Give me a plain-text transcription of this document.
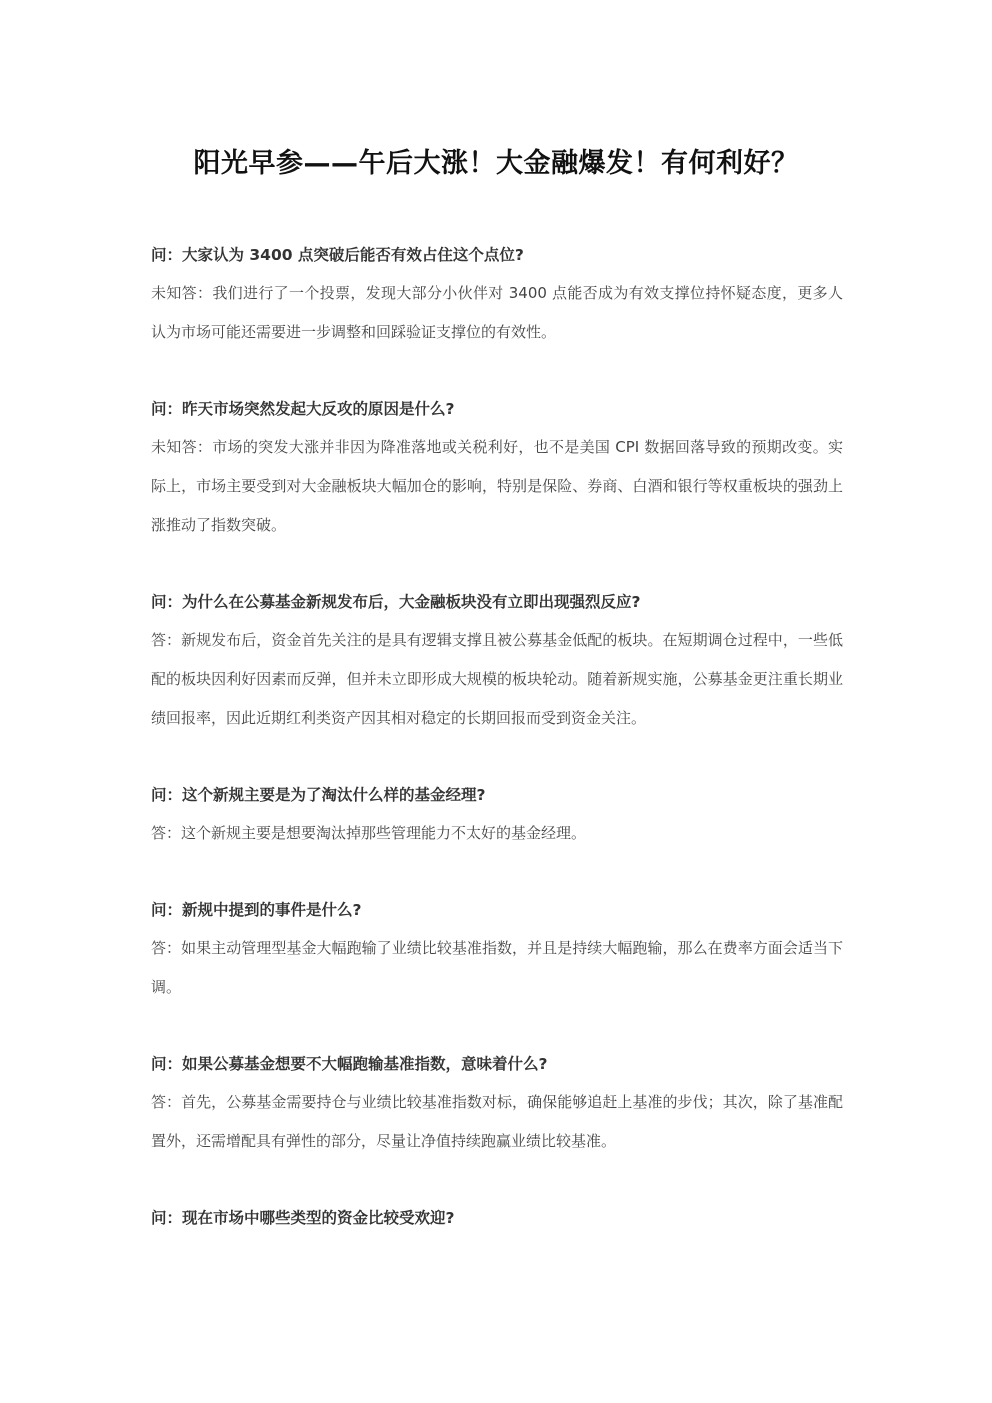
阳光早参——午后大涨！大金融爆发！有何利好？
问：大家认为 3400 点突破后能否有效占住这个点位?
未知答：我们进行了一个投票，发现大部分小伙伴对 3400 点能否成为有效支撑位持怀疑态度，更多人认为市场可能还需要进一步调整和回踩验证支撑位的有效性。
问：昨天市场突然发起大反攻的原因是什么?
未知答：市场的突发大涨并非因为降准落地或关税利好，也不是美国 CPI 数据回落导致的预期改变。实际上，市场主要受到对大金融板块大幅加仓的影响，特别是保险、券商、白酒和银行等权重板块的强劲上涨推动了指数突破。
问：为什么在公募基金新规发布后，大金融板块没有立即出现强烈反应?
答：新规发布后，资金首先关注的是具有逻辑支撑且被公募基金低配的板块。在短期调仓过程中，一些低配的板块因利好因素而反弹，但并未立即形成大规模的板块轮动。随着新规实施，公募基金更注重长期业绩回报率，因此近期红利类资产因其相对稳定的长期回报而受到资金关注。
问：这个新规主要是为了淘汰什么样的基金经理?
答：这个新规主要是想要淘汰掉那些管理能力不太好的基金经理。
问：新规中提到的事件是什么?
答：如果主动管理型基金大幅跑输了业绩比较基准指数，并且是持续大幅跑输，那么在费率方面会适当下调。
问：如果公募基金想要不大幅跑输基准指数，意味着什么?
答：首先，公募基金需要持仓与业绩比较基准指数对标，确保能够追赶上基准的步伐；其次，除了基准配置外，还需增配具有弹性的部分，尽量让净值持续跑赢业绩比较基准。
问：现在市场中哪些类型的资金比较受欢迎?
